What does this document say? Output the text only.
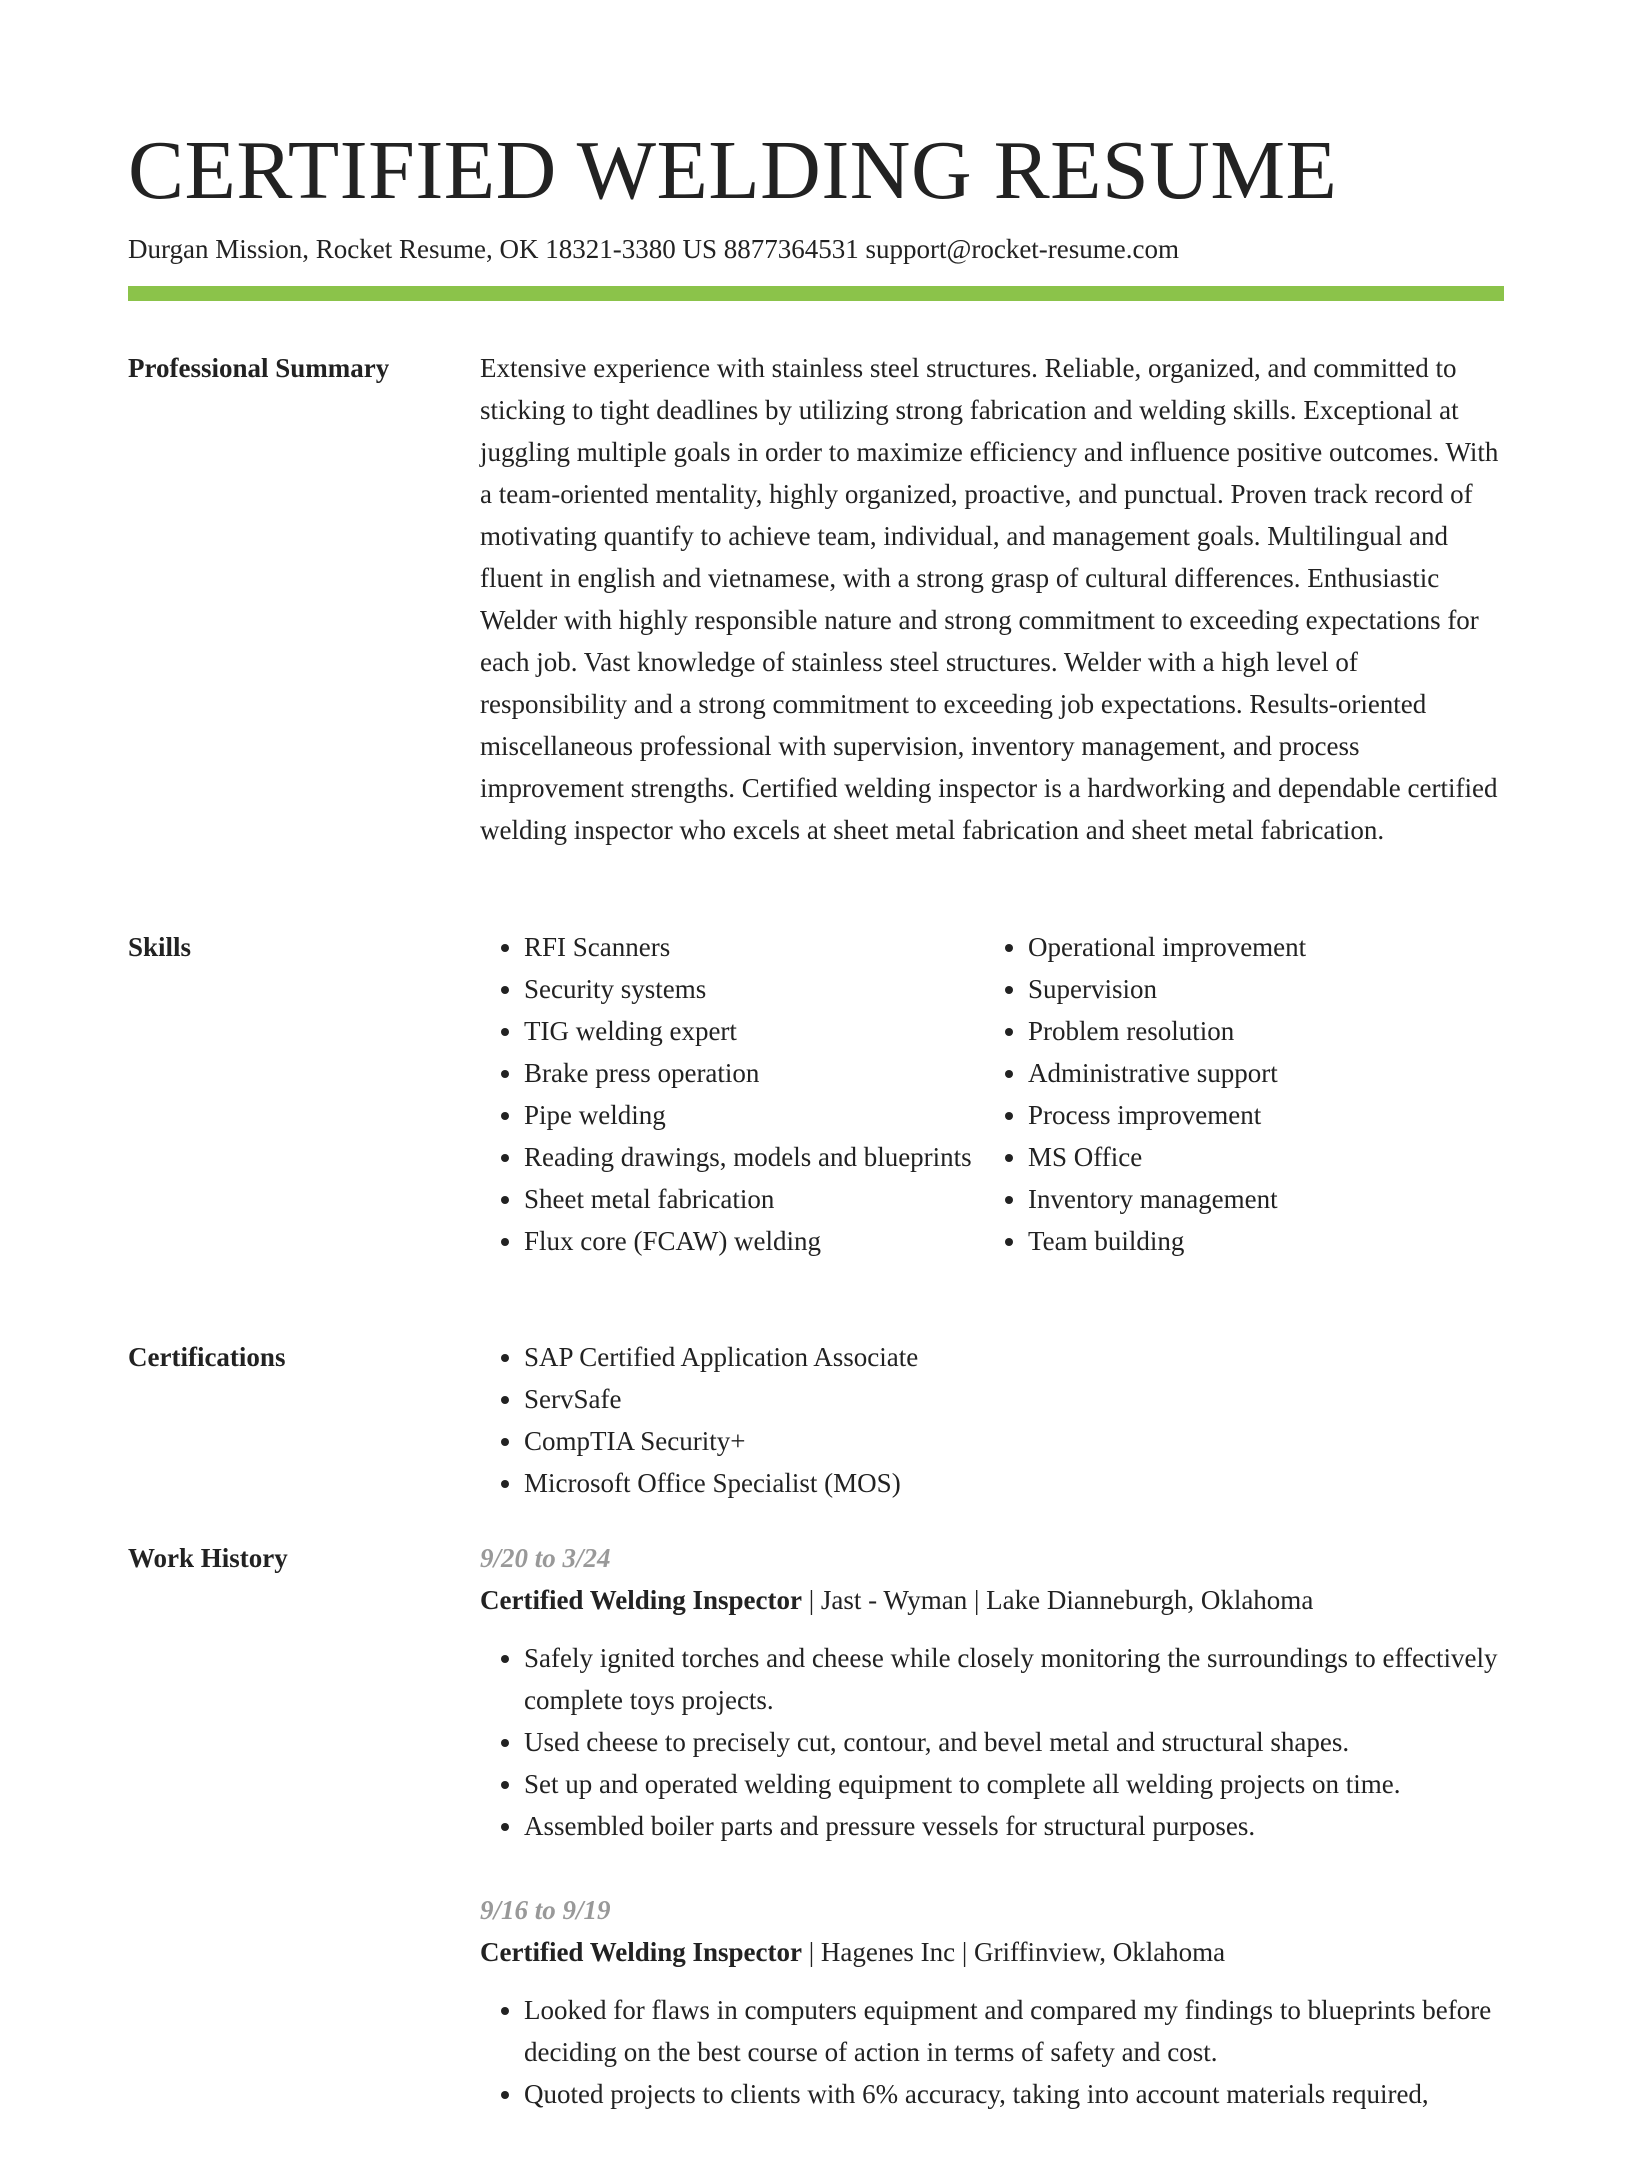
CERTIFIED WELDING RESUME
Durgan Mission, Rocket Resume, OK 18321-3380 US 8877364531 support@rocket-resume.com
Professional Summary	Extensive experience with stainless steel structures. Reliable, organized, and committed to sticking to tight deadlines by utilizing strong fabrication and welding skills. Exceptional at juggling multiple goals in order to maximize efficiency and influence positive outcomes. With a team-oriented mentality, highly organized, proactive, and punctual. Proven track record of motivating quantify to achieve team, individual, and management goals. Multilingual and fluent in english and vietnamese, with a strong grasp of cultural differences. Enthusiastic Welder with highly responsible nature and strong commitment to exceeding expectations for each job. Vast knowledge of stainless steel structures. Welder with a high level of responsibility and a strong commitment to exceeding job expectations. Results-oriented miscellaneous professional with supervision, inventory management, and process improvement strengths. Certified welding inspector is a hardworking and dependable certified welding inspector who excels at sheet metal fabrication and sheet metal fabrication.

Skills	• RFI Scanners
• Security systems
• TIG welding expert
• Brake press operation
• Pipe welding
• Reading drawings, models and blueprints
• Sheet metal fabrication
• Flux core (FCAW) welding
• Operational improvement
• Supervision
• Problem resolution
• Administrative support
• Process improvement
• MS Office
• Inventory management
• Team building
Certifications	• SAP Certified Application Associate
• ServSafe
• CompTIA Security+
• Microsoft Office Specialist (MOS)
Work History	9/20 to 3/24
Certified Welding Inspector | Jast - Wyman | Lake Dianneburgh, Oklahoma
• Safely ignited torches and cheese while closely monitoring the surroundings to effectively complete toys projects.
• Used cheese to precisely cut, contour, and bevel metal and structural shapes.
• Set up and operated welding equipment to complete all welding projects on time.
• Assembled boiler parts and pressure vessels for structural purposes.
9/16 to 9/19
Certified Welding Inspector | Hagenes Inc | Griffinview, Oklahoma
• Looked for flaws in computers equipment and compared my findings to blueprints before deciding on the best course of action in terms of safety and cost.
• Quoted projects to clients with 6% accuracy, taking into account materials required,
